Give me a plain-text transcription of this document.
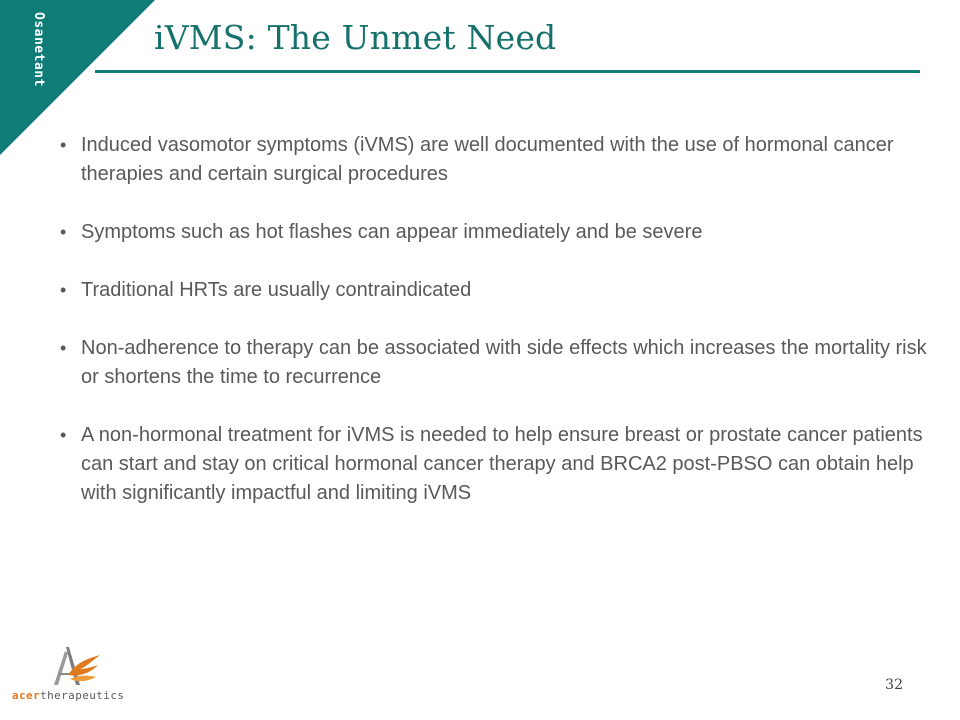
Osanetant	iVMS: The Unmet Need
• Induced vasomotor symptoms (iVMS) are well documented with the use of hormonal cancer therapies and certain surgical procedures
• Symptoms such as hot flashes can appear immediately and be severe
• Traditional HRTs are usually contraindicated
• Non-adherence to therapy can be associated with side effects which increases the mortality risk or shortens the time to recurrence
• A non-hormonal treatment for iVMS is needed to help ensure breast or prostate cancer patients can start and stay on critical hormonal cancer therapy and BRCA2 post-PBSO can obtain help with significantly impactful and limiting iVMS
acertherapeutics
32
